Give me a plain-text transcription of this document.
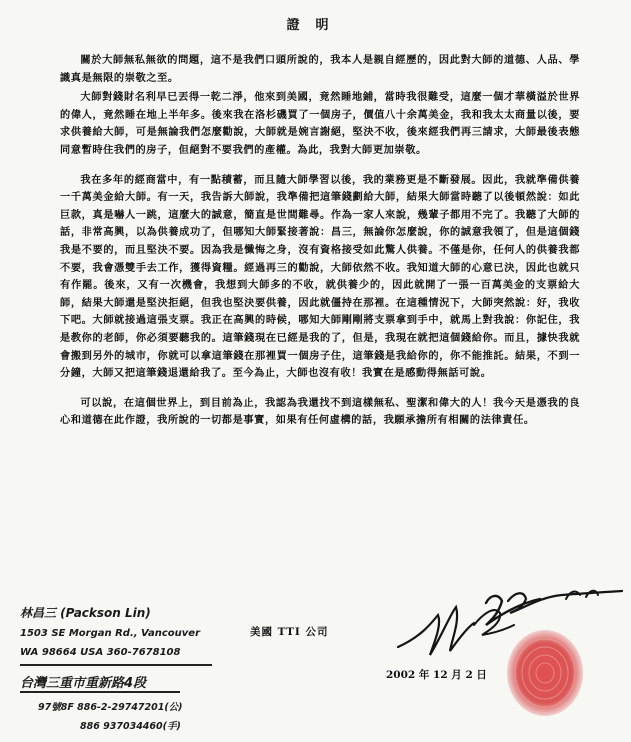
證明

關於大師無私無欲的問題，這不是我們口頭所說的，我本人是親自經歷的，因此對大師的道德、人品、學識真是無限的崇敬之至。

大師對錢財名利早已丟得一乾二淨，他來到美國，竟然睡地鋪，當時我很難受，這麼一個才華橫溢於世界的偉人，竟然睡在地上半年多。後來我在洛杉磯買了一個房子，價值八十余萬美金，我和我太太商量以後，要求供養給大師，可是無論我們怎麼勸說，大師就是婉言謝絕，堅決不收，後來經我們再三請求，大師最後表態同意暫時住我們的房子，但絕對不要我們的產權。為此，我對大師更加崇敬。

我在多年的經商當中，有一點積蓄，而且隨大師學習以後，我的業務更是不斷發展。因此，我就準備供養一千萬美金給大師。有一天，我告訴大師說，我準備把這筆錢劃給大師，結果大師當時聽了以後頓然說：如此巨款，真是嚇人一跳，這麼大的誠意，簡直是世間難尋。作為一家人來說，幾輩子都用不完了。我聽了大師的話，非常高興，以為供養成功了，但哪知大師緊接著說：昌三，無論你怎麼說，你的誠意我領了，但是這個錢我是不要的，而且堅決不要。因為我是懺悔之身，沒有資格接受如此驚人供養。不僅是你，任何人的供養我都不要，我會憑雙手去工作，獲得資糧。經過再三的勸說，大師依然不收。我知道大師的心意已決，因此也就只有作罷。後來，又有一次機會，我想到大師多的不收，就供養少的，因此就開了一張一百萬美金的支票給大師，結果大師還是堅決拒絕，但我也堅決要供養，因此就僵持在那裡。在這種情況下，大師突然說：好，我收下吧。大師就接過這張支票。我正在高興的時候，哪知大師剛剛將支票拿到手中，就馬上對我說：你記住，我是教你的老師，你必須要聽我的。這筆錢現在已經是我的了，但是，我現在就把這個錢給你。而且，據快我就會搬到另外的城市，你就可以拿這筆錢在那裡買一個房子住，這筆錢是我給你的，你不能推託。結果，不到一分鐘，大師又把這筆錢退還給我了。至今為止，大師也沒有收！我實在是感動得無話可說。

可以說，在這個世界上，到目前為止，我認為我還找不到這樣無私、聖潔和偉大的人！我今天是憑我的良心和道德在此作證，我所說的一切都是事實，如果有任何虛構的話，我願承擔所有相關的法律責任。

林昌三 (Packson Lin)
1503 SE Morgan Rd., Vancouver
WA 98664 USA 360-7678108
台灣三重市重新路4段
97號8F 886-2-29747201(公)
886 937034460(手)
美國 TTI 公司
2002 年 12 月 2 日
